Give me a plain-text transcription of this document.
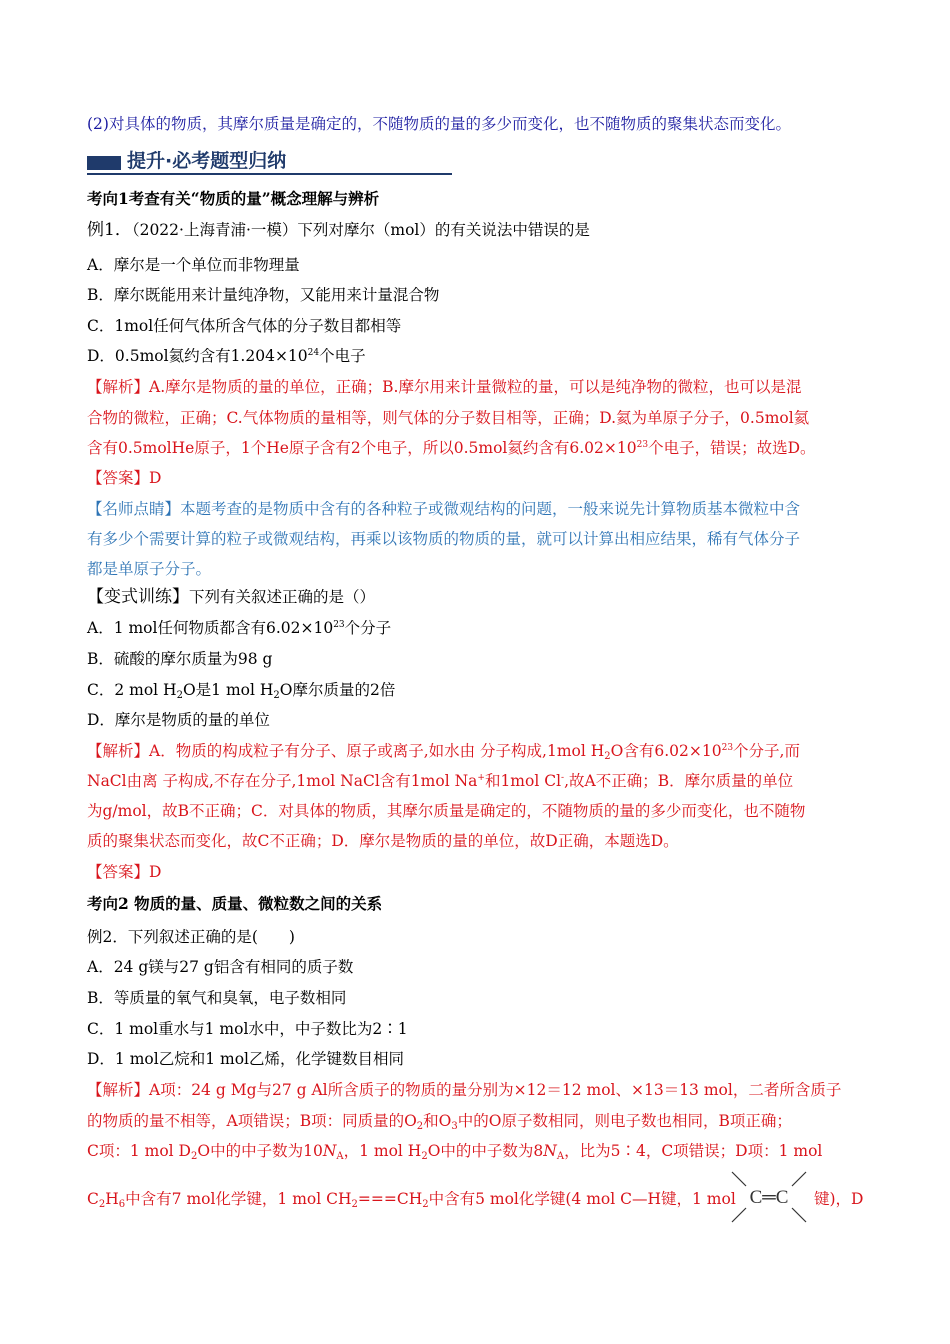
(2)对具体的物质，其摩尔质量是确定的，不随物质的量的多少而变化，也不随物质的聚集状态而变化。
提升·必考题型归纳
考向1考查有关“物质的量”概念理解与辨析
例1．（2022·上海青浦·一模）下列对摩尔（mol）的有关说法中错误的是
A．摩尔是一个单位而非物理量
B．摩尔既能用来计量纯净物，又能用来计量混合物
C．1mol任何气体所含气体的分子数目都相等
D．0.5mol氦约含有$1.204\times 10^{24}$个电子
【解析】A.摩尔是物质的量的单位，正确；B.摩尔用来计量微粒的量，可以是纯净物的微粒，也可以是混
合物的微粒，正确；C.气体物质的量相等，则气体的分子数目相等，正确；D.氦为单原子分子，0.5mol氦
含有0.5molHe原子，1个He原子含有2个电子，所以0.5mol氦约含有$6.02\times 10^{23}$个电子，错误；故选D。
【答案】D
【名师点睛】本题考查的是物质中含有的各种粒子或微观结构的问题，一般来说先计算物质基本微粒中含
有多少个需要计算的粒子或微观结构，再乘以该物质的物质的量，就可以计算出相应结果，稀有气体分子
都是单原子分子。
【变式训练】下列有关叙述正确的是（）
A．1 mol任何物质都含有$6.02\times 10^{23}$个分子
B．硫酸的摩尔质量为98 g
C．2 mol $H_2O$是1 mol $H_2O$摩尔质量的2倍
D．摩尔是物质的量的单位
【解析】A．物质的构成粒子有分子、原子或离子,如水由 分子构成,1mol $H_2O$含有$6.02\times 10^{23}$个分子,而
NaCl由离 子构成,不存在分子,1mol NaCl含有1mol Na+和1mol Cl-,故A不正确；B．摩尔质量的单位
为g/mol，故B不正确；C．对具体的物质，其摩尔质量是确定的，不随物质的量的多少而变化，也不随物
质的聚集状态而变化，故C不正确；D．摩尔是物质的量的单位，故D正确，本题选D。
【答案】D
考向2 物质的量、质量、微粒数之间的关系
例2．下列叙述正确的是(　　)
A．24 g镁与27 g铝含有相同的质子数
B．等质量的氧气和臭氧，电子数相同
C．1 mol重水与1 mol水中，中子数比为2∶1
D．1 mol乙烷和1 mol乙烯，化学键数目相同
【解析】A项：24 g Mg与27 g Al所含质子的物质的量分别为×12＝12 mol、×13＝13 mol，二者所含质子
的物质的量不相等，A项错误；B项：同质量的$O_2$和$O_3$中的O原子数相同，则电子数也相同，B项正确；
C项：1 mol $D_2O$中的中子数为$10N_A$，1 mol $H_2O$中的中子数为$8N_A$，比为5∶4，C项错误；D项：1 mol
$C_2H_6$中含有7 mol化学键，1 mol $CH_2===CH_2$中含有5 mol化学键(4 mol C—H键，1 mol C═C 键)，D
